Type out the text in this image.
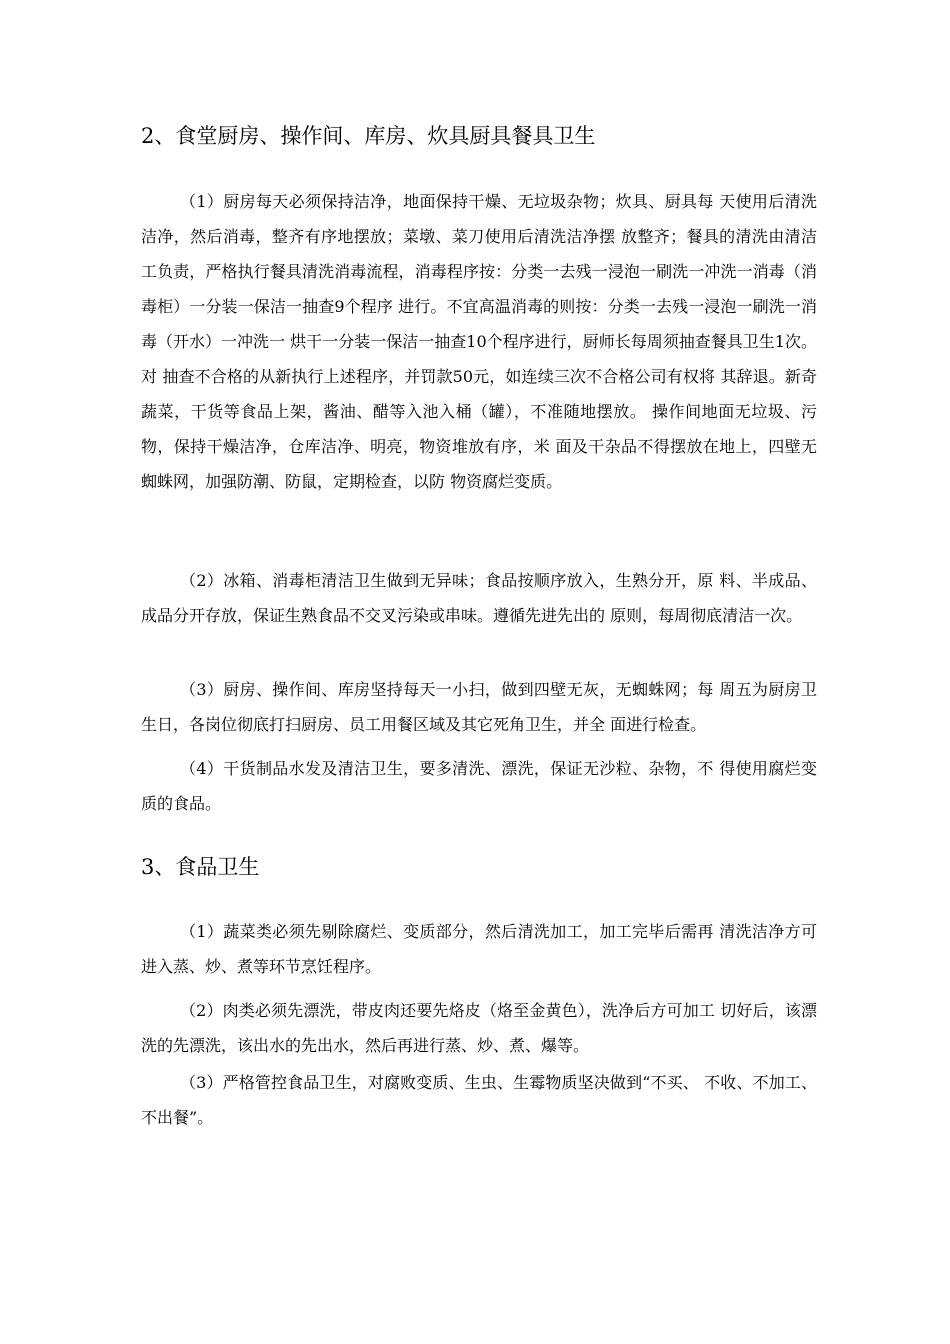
2、食堂厨房、操作间、库房、炊具厨具餐具卫生

（1）厨房每天必须保持洁净，地面保持干燥、无垃圾杂物；炊具、厨具每 天使用后清洗洁净，然后消毒，整齐有序地摆放；菜墩、菜刀使用后清洗洁净摆 放整齐；餐具的清洗由清洁工负责，严格执行餐具清洗消毒流程，消毒程序按：分类一去残一浸泡一刷洗一冲洗一消毒（消毒柜）一分装一保洁一抽查9个程序 进行。不宜高温消毒的则按：分类一去残一浸泡一刷洗一消毒（开水）一冲洗一 烘干一分装一保洁一抽查10个程序进行，厨师长每周须抽查餐具卫生1次。对 抽查不合格的从新执行上述程序，并罚款50元，如连续三次不合格公司有权将 其辞退。新奇蔬菜，干货等食品上架，酱油、醋等入池入桶（罐），不准随地摆放。 操作间地面无垃圾、污物，保持干燥洁净，仓库洁净、明亮，物资堆放有序，米 面及干杂品不得摆放在地上，四壁无蜘蛛网，加强防潮、防鼠，定期检查，以防 物资腐烂变质。

（2）冰箱、消毒柜清洁卫生做到无异味；食品按顺序放入，生熟分开，原 料、半成品、成品分开存放，保证生熟食品不交叉污染或串味。遵循先进先出的 原则，每周彻底清洁一次。

（3）厨房、操作间、库房坚持每天一小扫，做到四壁无灰，无蜘蛛网；每 周五为厨房卫生日，各岗位彻底打扫厨房、员工用餐区域及其它死角卫生，并全 面进行检查。

（4）干货制品水发及清洁卫生，要多清洗、漂洗，保证无沙粒、杂物，不 得使用腐烂变质的食品。

3、食品卫生

（1）蔬菜类必须先剔除腐烂、变质部分，然后清洗加工，加工完毕后需再 清洗洁净方可进入蒸、炒、煮等环节烹饪程序。

（2）肉类必须先漂洗，带皮肉还要先烙皮（烙至金黄色），洗净后方可加工 切好后，该漂洗的先漂洗，该出水的先出水，然后再进行蒸、炒、煮、爆等。

（3）严格管控食品卫生，对腐败变质、生虫、生霉物质坚决做到“不买、 不收、不加工、不出餐”。
